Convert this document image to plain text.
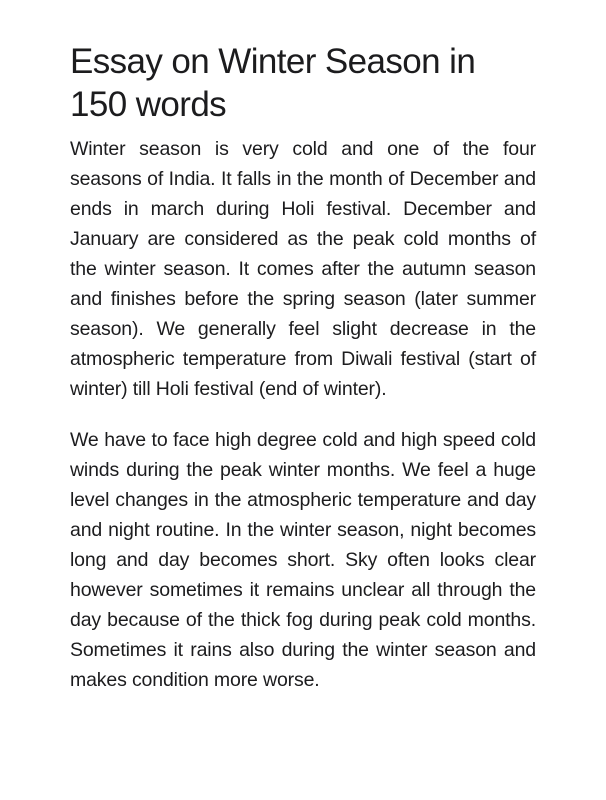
Essay on Winter Season in 150 words

Winter season is very cold and one of the four seasons of India. It falls in the month of December and ends in march during Holi festival. December and January are considered as the peak cold months of the winter season. It comes after the autumn season and finishes before the spring season (later summer season). We generally feel slight decrease in the atmospheric temperature from Diwali festival (start of winter) till Holi festival (end of winter).

We have to face high degree cold and high speed cold winds during the peak winter months. We feel a huge level changes in the atmospheric temperature and day and night routine. In the winter season, night becomes long and day becomes short. Sky often looks clear however sometimes it remains unclear all through the day because of the thick fog during peak cold months. Sometimes it rains also during the winter season and makes condition more worse.
